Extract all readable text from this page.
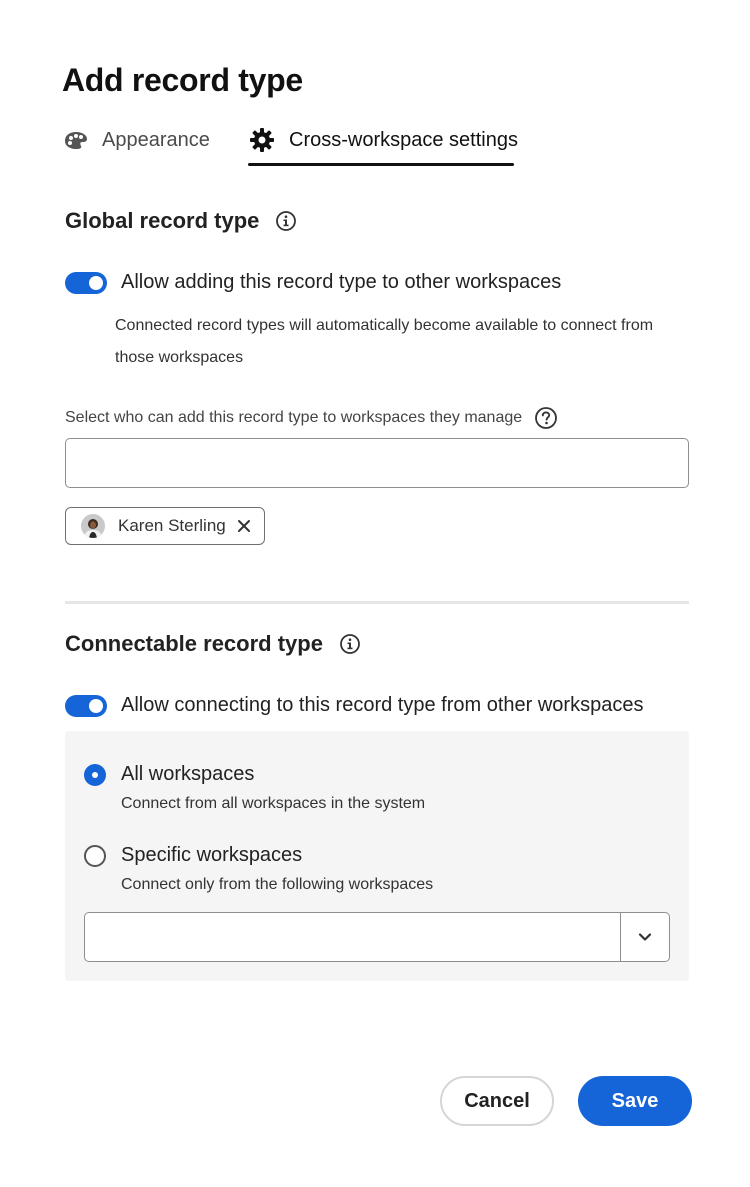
Add record type
Appearance	Cross-workspace settings
Global record type
Allow adding this record type to other workspaces

Connected record types will automatically become available to connect from those workspaces

Select who can add this record type to workspaces they manage
Karen Sterling
Connectable record type
Allow connecting to this record type from other workspaces
All workspaces
Connect from all workspaces in the system
Specific workspaces
Connect only from the following workspaces
Cancel	Save
